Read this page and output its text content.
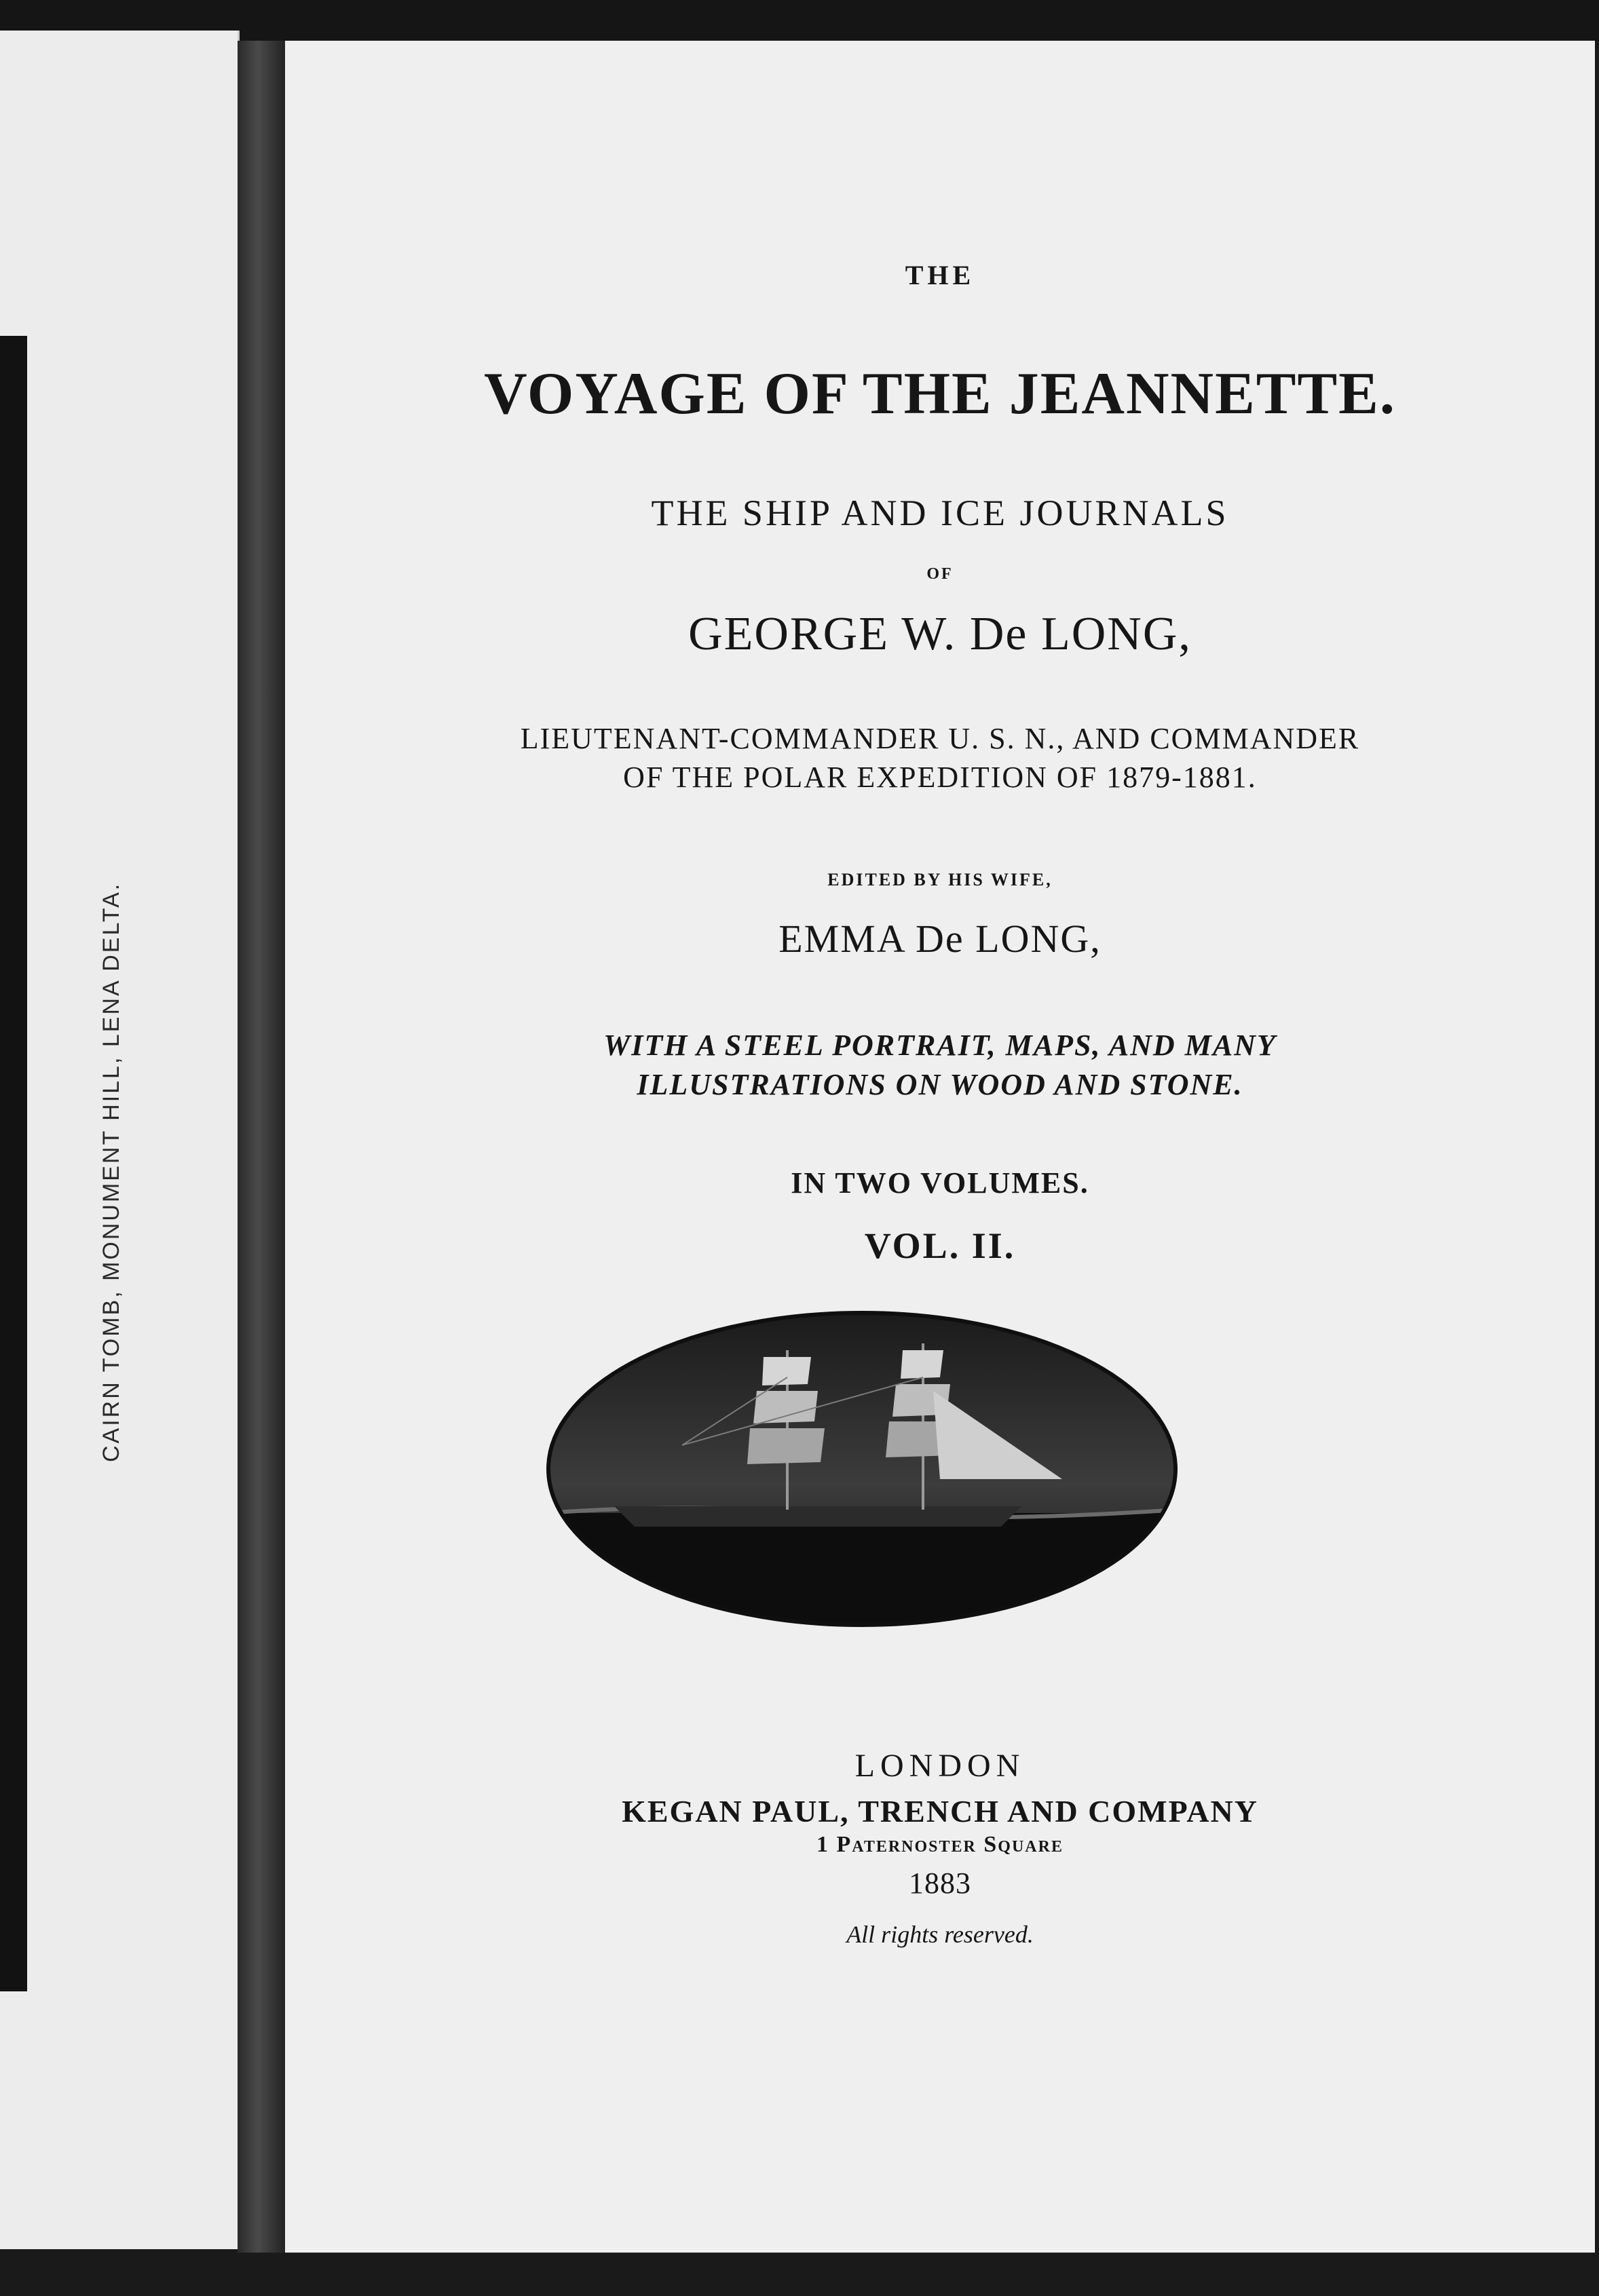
CAIRN TOMB, MONUMENT HILL, LENA DELTA.
THE
VOYAGE OF THE JEANNETTE.
THE SHIP AND ICE JOURNALS
OF
GEORGE W. De LONG,
LIEUTENANT-COMMANDER U. S. N., AND COMMANDER
OF THE POLAR EXPEDITION OF 1879-1881.
EDITED BY HIS WIFE,
EMMA De LONG,
WITH A STEEL PORTRAIT, MAPS, AND MANY
ILLUSTRATIONS ON WOOD AND STONE.
IN TWO VOLUMES.
VOL. II.
LONDON
KEGAN PAUL, TRENCH AND COMPANY
1 Paternoster Square
1883
All rights reserved.
